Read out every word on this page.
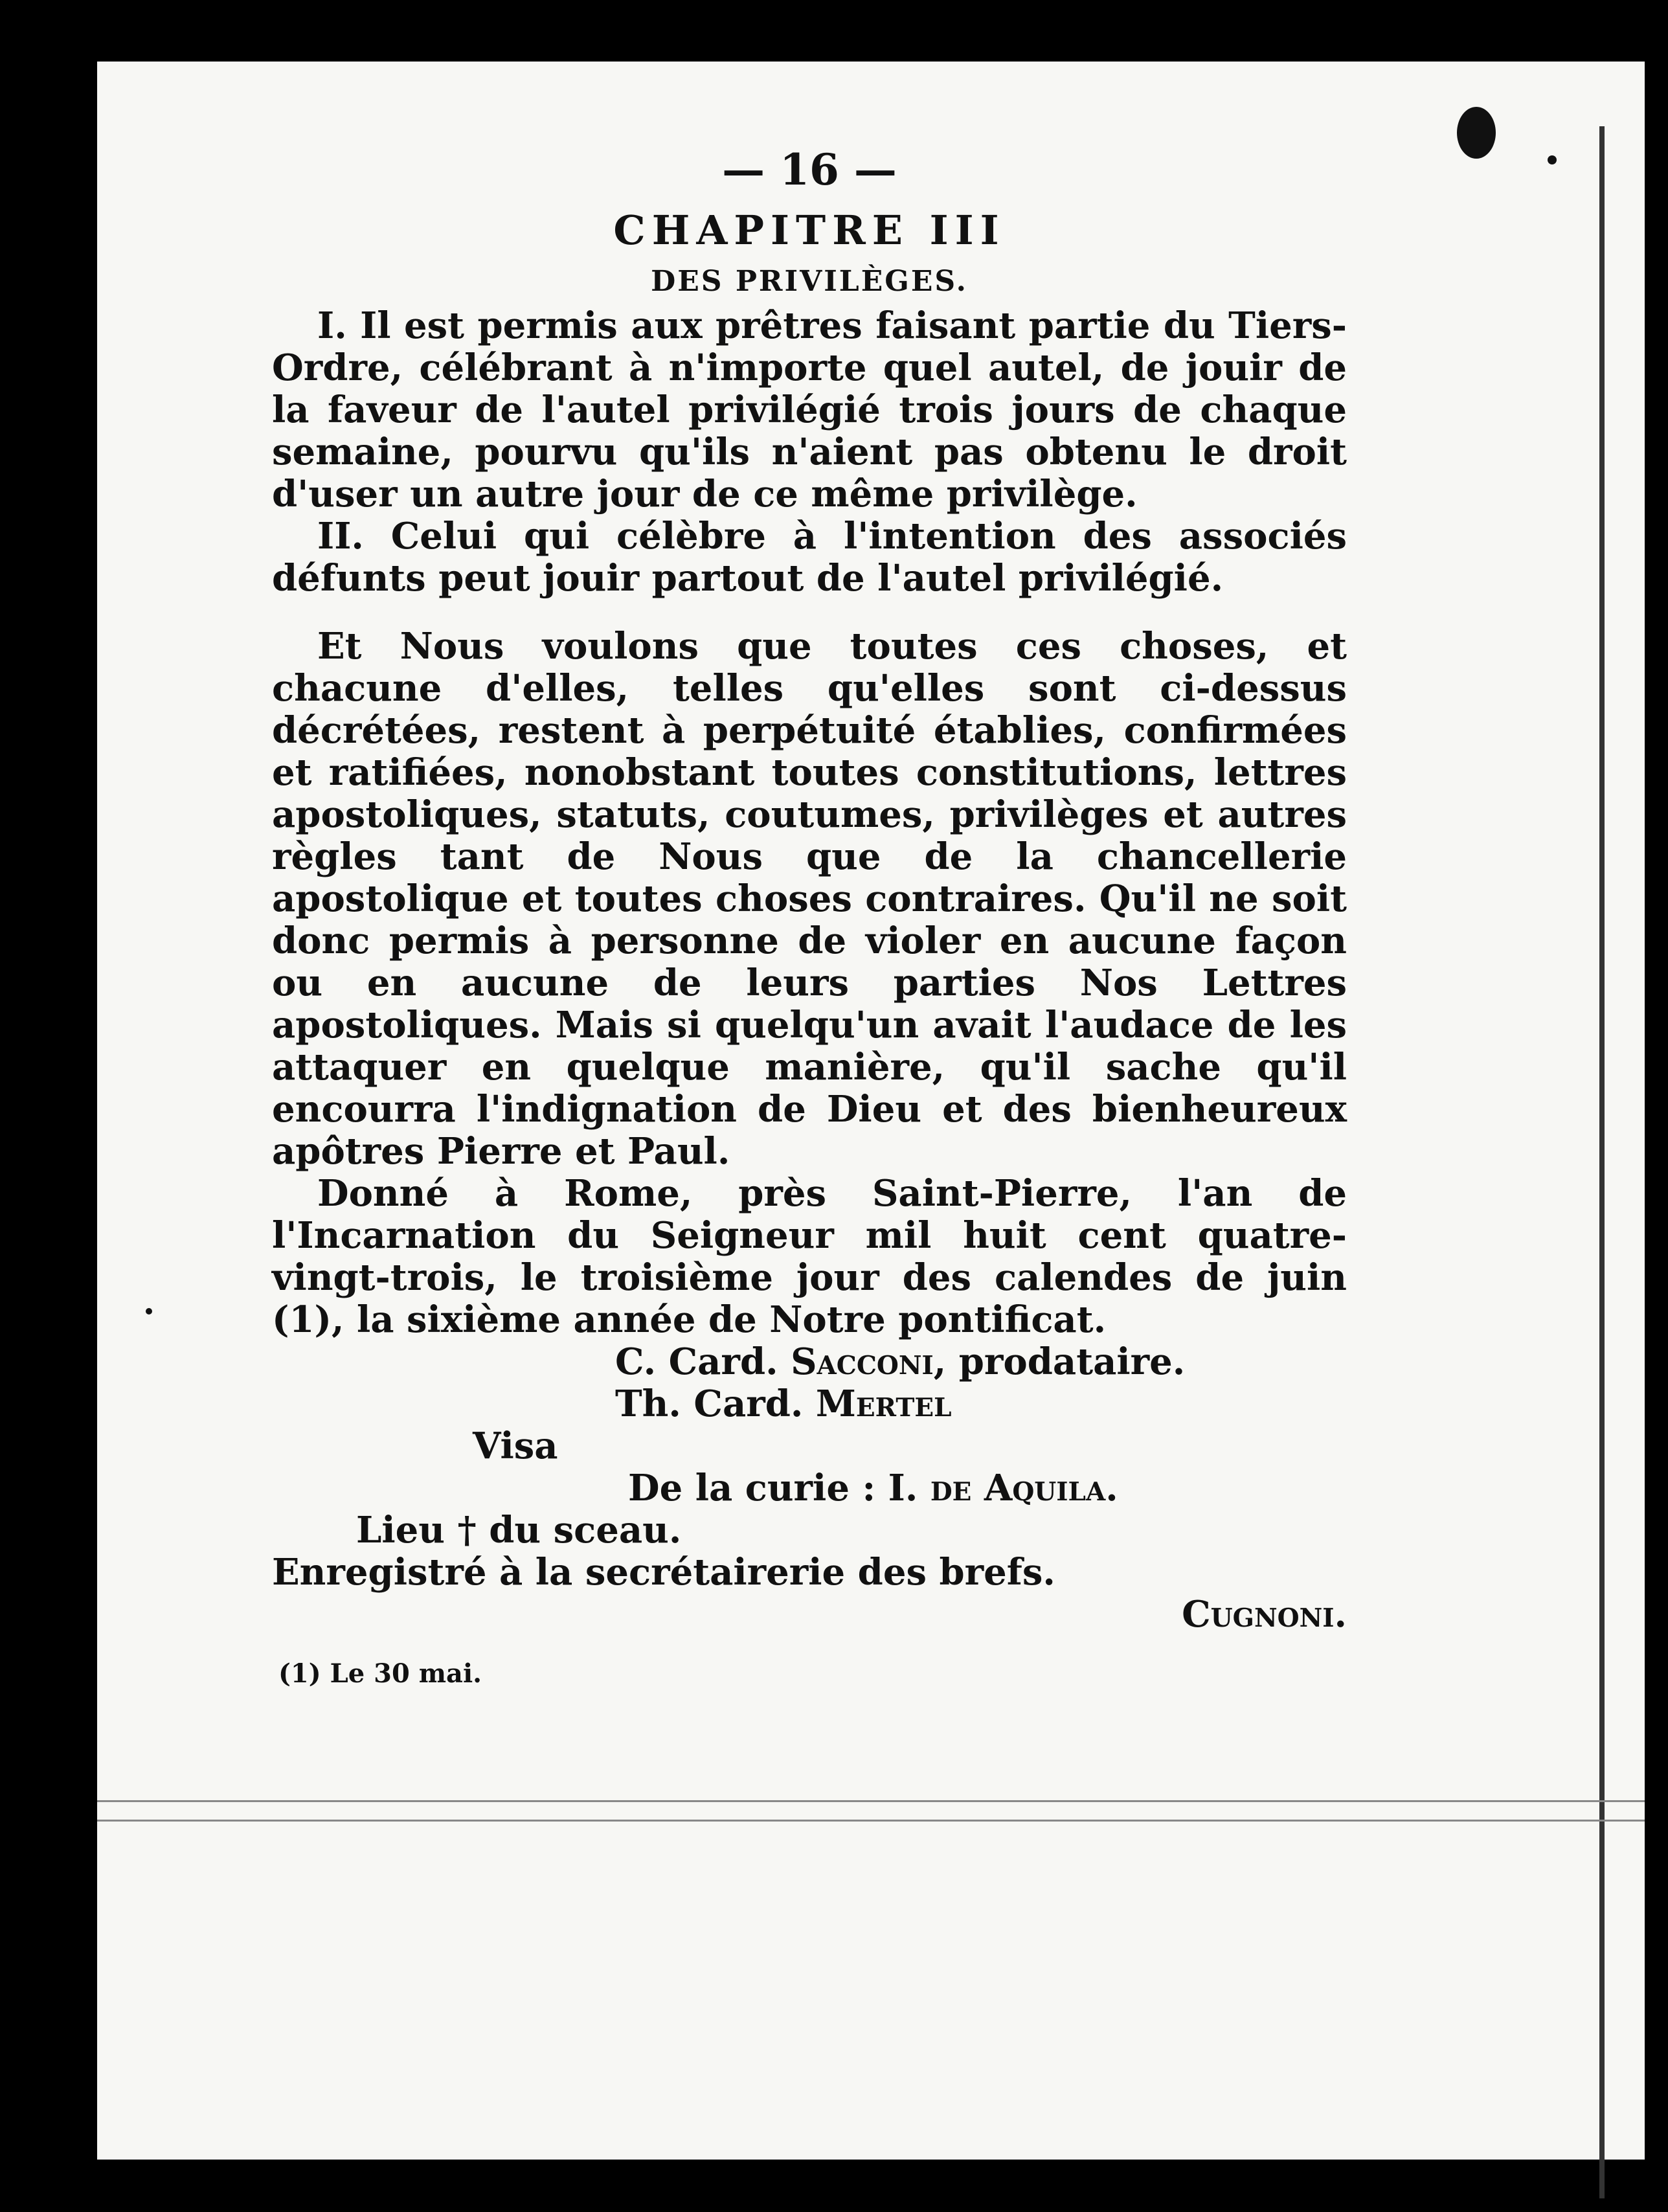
— 16 —
CHAPITRE III
DES PRIVILÈGES.

I. Il est permis aux prêtres faisant partie du Tiers-Ordre, célébrant à n'importe quel autel, de jouir de la faveur de l'autel privilégié trois jours de chaque semaine, pourvu qu'ils n'aient pas obtenu le droit d'user un autre jour de ce même privilège.

II. Celui qui célèbre à l'intention des associés défunts peut jouir partout de l'autel privilégié.

Et Nous voulons que toutes ces choses, et chacune d'elles, telles qu'elles sont ci-dessus décrétées, restent à perpétuité établies, confirmées et ratifiées, nonobstant toutes constitutions, lettres apostoliques, statuts, coutumes, privilèges et autres règles tant de Nous que de la chancellerie apostolique et toutes choses contraires. Qu'il ne soit donc permis à personne de violer en aucune façon ou en aucune de leurs parties Nos Lettres apostoliques. Mais si quelqu'un avait l'audace de les attaquer en quelque manière, qu'il sache qu'il encourra l'indignation de Dieu et des bienheureux apôtres Pierre et Paul.

Donné à Rome, près Saint-Pierre, l'an de l'Incarnation du Seigneur mil huit cent quatre-vingt-trois, le troisième jour des calendes de juin (1), la sixième année de Notre pontificat.

C. Card. Sacconi, prodataire.
Th. Card. Mertel
Visa
De la curie : I. de Aquila.
Lieu † du sceau.
Enregistré à la secrétairerie des brefs.
Cugnoni.
(1) Le 30 mai.
